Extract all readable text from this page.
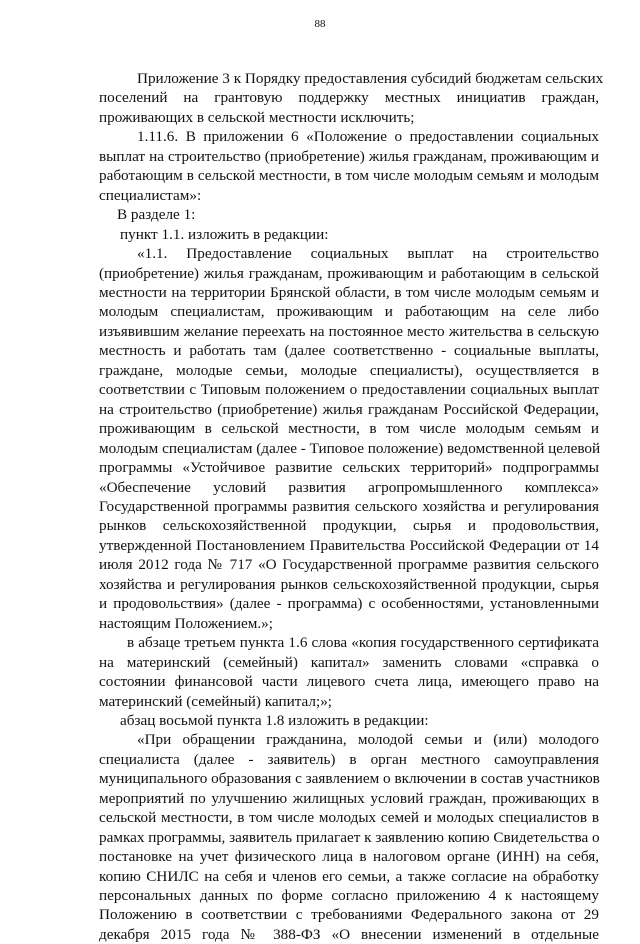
88

Приложение 3 к Порядку предоставления субсидий бюджетам сельских

поселений на грантовую поддержку местных инициатив граждан,

проживающих в сельской местности исключить;

1.11.6. В приложении 6 «Положение о предоставлении социальных

выплат на строительство (приобретение) жилья гражданам, проживающим и

работающим в сельской местности, в том числе молодым семьям и молодым

специалистам»:

В разделе 1:

пункт 1.1. изложить в редакции:

«1.1. Предоставление социальных выплат на строительство

(приобретение) жилья гражданам, проживающим и работающим в сельской

местности на территории Брянской области, в том числе молодым семьям и

молодым специалистам, проживающим и работающим на селе либо

изъявившим желание переехать на постоянное место жительства в сельскую

местность и работать там (далее соответственно - социальные выплаты,

граждане, молодые семьи, молодые специалисты), осуществляется в

соответствии с Типовым положением о предоставлении социальных выплат

на строительство (приобретение) жилья гражданам Российской Федерации,

проживающим в сельской местности, в том числе молодым семьям и

молодым специалистам (далее - Типовое положение) ведомственной целевой

программы «Устойчивое развитие сельских территорий» подпрограммы

«Обеспечение условий развития агропромышленного комплекса»

Государственной программы развития сельского хозяйства и регулирования

рынков сельскохозяйственной продукции, сырья и продовольствия,

утвержденной Постановлением Правительства Российской Федерации от 14

июля 2012 года № 717 «О Государственной программе развития сельского

хозяйства и регулирования рынков сельскохозяйственной продукции, сырья

и продовольствия» (далее - программа) с особенностями, установленными

настоящим Положением.»;

в абзаце третьем пункта 1.6 слова «копия государственного сертификата

на материнский (семейный) капитал» заменить словами «справка о

состоянии финансовой части лицевого счета лица, имеющего право на

материнский (семейный) капитал;»;

абзац восьмой пункта 1.8 изложить в редакции:

«При обращении гражданина, молодой семьи и (или) молодого

специалиста (далее - заявитель) в орган местного самоуправления

муниципального образования с заявлением о включении в состав участников

мероприятий по улучшению жилищных условий граждан, проживающих в

сельской местности, в том числе молодых семей и молодых специалистов в

рамках программы, заявитель прилагает к заявлению копию Свидетельства о

постановке на учет физического лица в налоговом органе (ИНН) на себя,

копию СНИЛС на себя и членов его семьи, а также согласие на обработку

персональных данных по форме согласно приложению 4 к настоящему

Положению в соответствии с требованиями Федерального закона от 29

декабря 2015 года № 388-ФЗ «О внесении изменений в отдельные
